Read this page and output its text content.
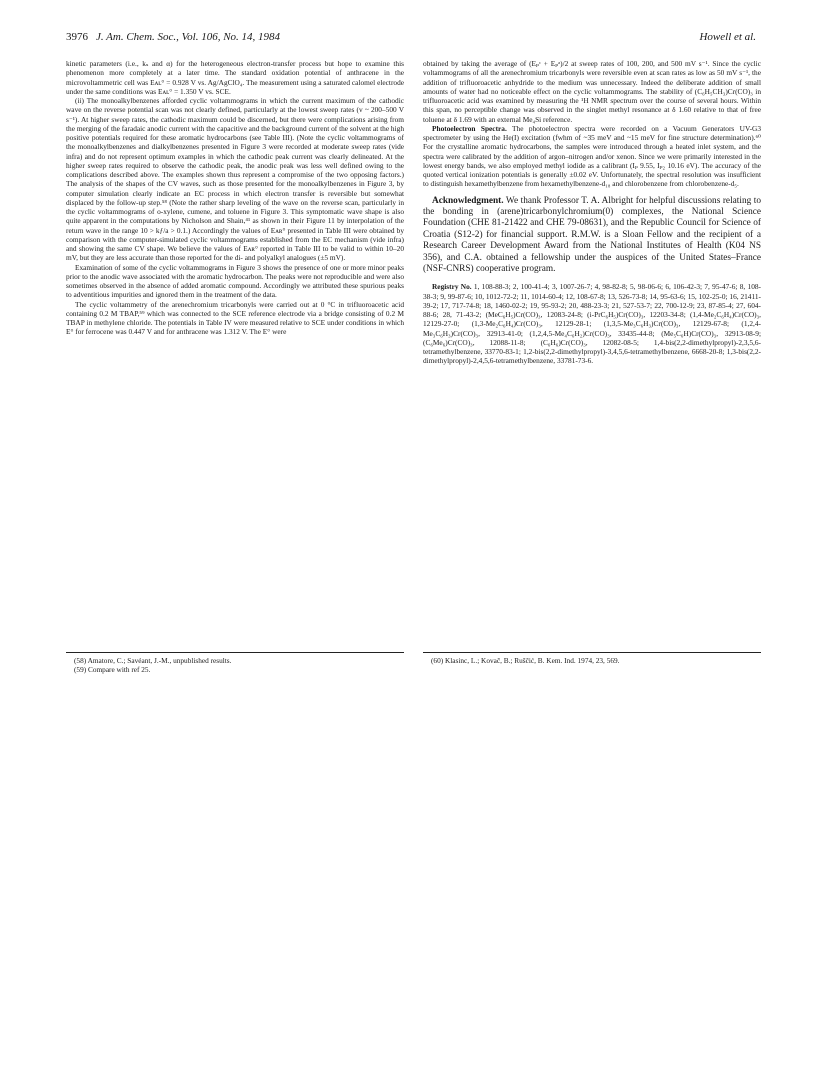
3976 J. Am. Chem. Soc., Vol. 106, No. 14, 1984	Howell et al.

kinetic parameters (i.e., kₛ and α) for the heterogeneous electron-transfer process but hope to examine this phenomenon more completely at a later time. The standard oxidation potential of anthracene in the microvoltammetric cell was Eᴀʟ° = 0.928 V vs. Ag/AgClO₄. The measurement using a saturated calomel electrode under the same conditions was Eᴀʟ° = 1.350 V vs. SCE.

(ii) The monoalkylbenzenes afforded cyclic voltammograms in which the current maximum of the cathodic wave on the reverse potential scan was not clearly defined, particularly at the lowest sweep rates (v ~ 200–500 V s⁻¹). At higher sweep rates, the cathodic maximum could be discerned, but there were complications arising from the merging of the faradaic anodic current with the capacitive and the background current of the solvent at the high positive potentials required for these aromatic hydrocarbons (see Table III). (Note the cyclic voltammograms of the monoalkylbenzenes and dialkylbenzenes presented in Figure 3 were recorded at moderate sweep rates (vide infra) and do not represent optimum examples in which the cathodic peak current was clearly delineated. At the higher sweep rates required to observe the cathodic peak, the anodic peak was less well defined owing to the complications described above. The examples shown thus represent a compromise of the two opposing factors.) The analysis of the shapes of the CV waves, such as those presented for the monoalkylbenzenes in Figure 3, by computer simulation clearly indicate an EC process in which electron transfer is reversible but somewhat displaced by the follow-up step.⁵⁸ (Note the rather sharp leveling of the wave on the reverse scan, particularly in the cyclic voltammograms of o-xylene, cumene, and toluene in Figure 3. This symptomatic wave shape is also quite apparent in the computations by Nicholson and Shain,⁴¹ as shown in their Figure 11 by interpolation of the return wave in the range 10 > kƒ/a > 0.1.) Accordingly the values of Eᴀʀ° presented in Table III were obtained by comparison with the computer-simulated cyclic voltammograms established from the EC mechanism (vide infra) and showing the same CV shape. We believe the values of Eᴀʀ° reported in Table III to be valid to within 10–20 mV, but they are less accurate than those reported for the di- and polyalkyl analogues (±5 mV).

Examination of some of the cyclic voltammograms in Figure 3 shows the presence of one or more minor peaks prior to the anodic wave associated with the aromatic hydrocarbon. The peaks were not reproducible and were also sometimes observed in the absence of added aromatic compound. Accordingly we attributed these spurious peaks to adventitious impurities and ignored them in the treatment of the data.

The cyclic voltammetry of the arenechromium tricarbonyls were carried out at 0 °C in trifluoroacetic acid containing 0.2 M TBAP,⁵⁹ which was connected to the SCE reference electrode via a bridge consisting of 0.2 M TBAP in methylene chloride. The potentials in Table IV were measured relative to SCE under conditions in which E° for ferrocene was 0.447 V and for anthracene was 1.312 V. The E° were

(58) Amatore, C.; Savéant, J.-M., unpublished results.
(59) Compare with ref 25.

obtained by taking the average of (Eₚᶜ + Eₚᵃ)/2 at sweep rates of 100, 200, and 500 mV s⁻¹. Since the cyclic voltammograms of all the arenechromium tricarbonyls were reversible even at scan rates as low as 50 mV s⁻¹, the addition of trifluoroacetic anhydride to the medium was unnecessary. Indeed the deliberate addition of small amounts of water had no noticeable effect on the cyclic voltammograms. The stability of (C₆H₅CH₃)Cr(CO)₃ in trifluoroacetic acid was examined by measuring the ¹H NMR spectrum over the course of several hours. Within this span, no perceptible change was observed in the singlet methyl resonance at δ 1.60 relative to that of free toluene at δ 1.69 with an external Me₄Si reference.

Photoelectron Spectra. The photoelectron spectra were recorded on a Vacuum Generators UV-G3 spectrometer by using the He(I) excitation (fwhm of ~35 meV and ~15 meV for fine structure determination).⁶⁰ For the crystalline aromatic hydrocarbons, the samples were introduced through a heated inlet system, and the spectra were calibrated by the addition of argon–nitrogen and/or xenon. Since we were primarily interested in the lowest energy bands, we also employed methyl iodide as a calibrant (Iₚ 9.55, Iₚ₂ 10.16 eV). The accuracy of the quoted vertical ionization potentials is generally ±0.02 eV. Unfortunately, the spectral resolution was insufficient to distinguish hexamethylbenzene from hexamethylbenzene-d₁₈ and chlorobenzene from chlorobenzene-d₅.

Acknowledgment. We thank Professor T. A. Albright for helpful discussions relating to the bonding in (arene)tricarbonylchromium(0) complexes, the National Science Foundation (CHE 81-21422 and CHE 79-08631), and the Republic Council for Science of Croatia (S12-2) for financial support. R.M.W. is a Sloan Fellow and the recipient of a Research Career Development Award from the National Institutes of Health (K04 NS 356), and C.A. obtained a fellowship under the auspices of the United States–France (NSF-CNRS) cooperative program.
Registry No. 1, 108-88-3; 2, 100-41-4; 3, 1007-26-7; 4, 98-82-8; 5, 98-06-6; 6, 106-42-3; 7, 95-47-6; 8, 108-38-3; 9, 99-87-6; 10, 1012-72-2; 11, 1014-60-4; 12, 108-67-8; 13, 526-73-8; 14, 95-63-6; 15, 102-25-0; 16, 21411-39-2; 17, 717-74-8; 18, 1460-02-2; 19, 95-93-2; 20, 488-23-3; 21, 527-53-7; 22, 700-12-9; 23, 87-85-4; 27, 604-88-6; 28, 71-43-2; (MeC₆H₅)Cr(CO)₃, 12083-24-8; (i-PrC₆H₅)Cr(CO)₃, 12203-34-8; (1,4-Me₂C₆H₄)Cr(CO)₃, 12129-27-0; (1,3-Me₂C₆H₄)Cr(CO)₃, 12129-28-1; (1,3,5-Me₃C₆H₃)Cr(CO)₃, 12129-67-8; (1,2,4-Me₃C₆H₃)Cr(CO)₃, 32913-41-0; (1,2,4,5-Me₄C₆H₂)Cr(CO)₃, 33435-44-8; (Me₅C₆H)Cr(CO)₃, 32913-08-9; (C₆Me₆)Cr(CO)₃, 12088-11-8; (C₆H₆)Cr(CO)₃, 12082-08-5; 1,4-bis(2,2-dimethylpropyl)-2,3,5,6-tetramethylbenzene, 33770-83-1; 1,2-bis(2,2-dimethylpropyl)-3,4,5,6-tetramethylbenzene, 6668-20-8; 1,3-bis(2,2-dimethylpropyl)-2,4,5,6-tetramethylbenzene, 33781-73-6.
(60) Klasinc, L.; Kovač, B.; Ruščić, B. Kem. Ind. 1974, 23, 569.
